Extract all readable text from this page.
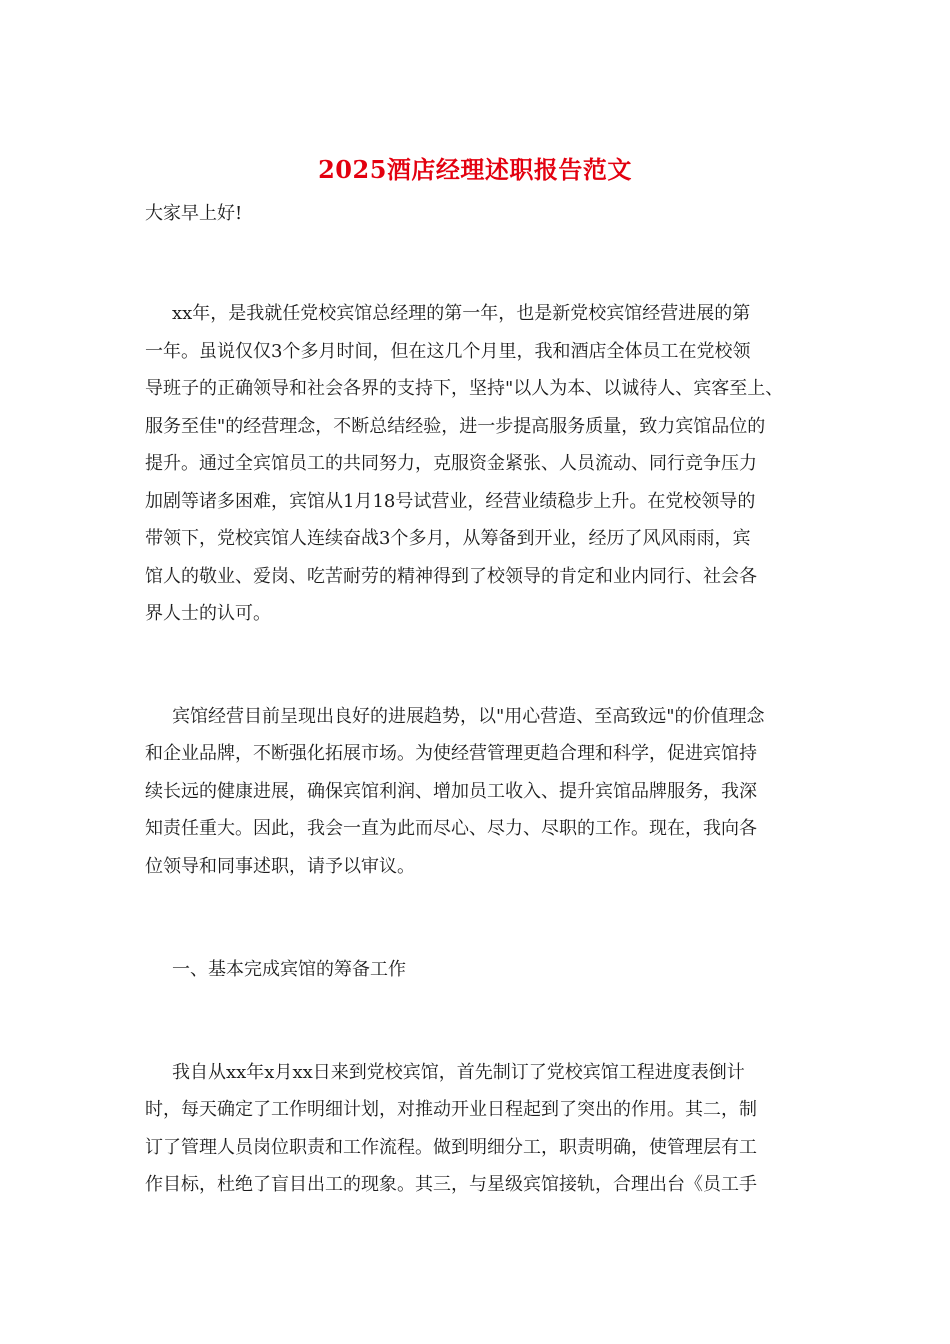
2025酒店经理述职报告范文
大家早上好!
xx年，是我就任党校宾馆总经理的第一年，也是新党校宾馆经营进展的第
一年。虽说仅仅3个多月时间，但在这几个月里，我和酒店全体员工在党校领
导班子的正确领导和社会各界的支持下，坚持"以人为本、以诚待人、宾客至上、
服务至佳"的经营理念，不断总结经验，进一步提高服务质量，致力宾馆品位的
提升。通过全宾馆员工的共同努力，克服资金紧张、人员流动、同行竞争压力
加剧等诸多困难，宾馆从1月18号试营业，经营业绩稳步上升。在党校领导的
带领下，党校宾馆人连续奋战3个多月，从筹备到开业，经历了风风雨雨，宾
馆人的敬业、爱岗、吃苦耐劳的精神得到了校领导的肯定和业内同行、社会各
界人士的认可。
宾馆经营目前呈现出良好的进展趋势，以"用心营造、至高致远"的价值理念
和企业品牌，不断强化拓展市场。为使经营管理更趋合理和科学，促进宾馆持
续长远的健康进展，确保宾馆利润、增加员工收入、提升宾馆品牌服务，我深
知责任重大。因此，我会一直为此而尽心、尽力、尽职的工作。现在，我向各
位领导和同事述职，请予以审议。
一、基本完成宾馆的筹备工作
我自从xx年x月xx日来到党校宾馆，首先制订了党校宾馆工程进度表倒计
时，每天确定了工作明细计划，对推动开业日程起到了突出的作用。其二，制
订了管理人员岗位职责和工作流程。做到明细分工，职责明确，使管理层有工
作目标，杜绝了盲目出工的现象。其三，与星级宾馆接轨，合理出台《员工手
